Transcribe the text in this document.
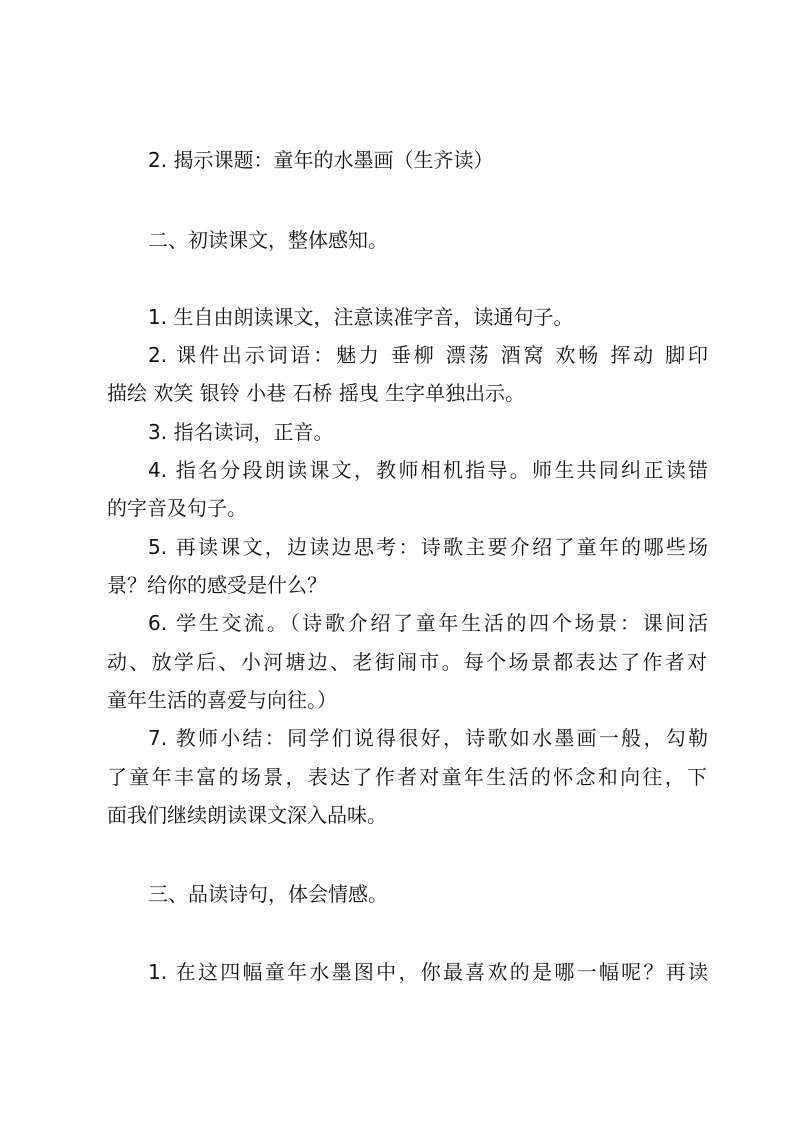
2. 揭示课题：童年的水墨画（生齐读）
二、初读课文，整体感知。
1. 生自由朗读课文，注意读准字音，读通句子。
2. 课件出示词语：魅力 垂柳 漂荡 酒窝 欢畅 挥动 脚印
描绘 欢笑 银铃 小巷 石桥 摇曳 生字单独出示。
3. 指名读词，正音。
4. 指名分段朗读课文，教师相机指导。师生共同纠正读错
的字音及句子。
5. 再读课文，边读边思考：诗歌主要介绍了童年的哪些场
景？给你的感受是什么？
6. 学生交流。（诗歌介绍了童年生活的四个场景：课间活
动、放学后、小河塘边、老街闹市。每个场景都表达了作者对
童年生活的喜爱与向往。）
7. 教师小结：同学们说得很好，诗歌如水墨画一般，勾勒
了童年丰富的场景，表达了作者对童年生活的怀念和向往，下
面我们继续朗读课文深入品味。
三、品读诗句，体会情感。
1. 在这四幅童年水墨图中，你最喜欢的是哪一幅呢？再读
